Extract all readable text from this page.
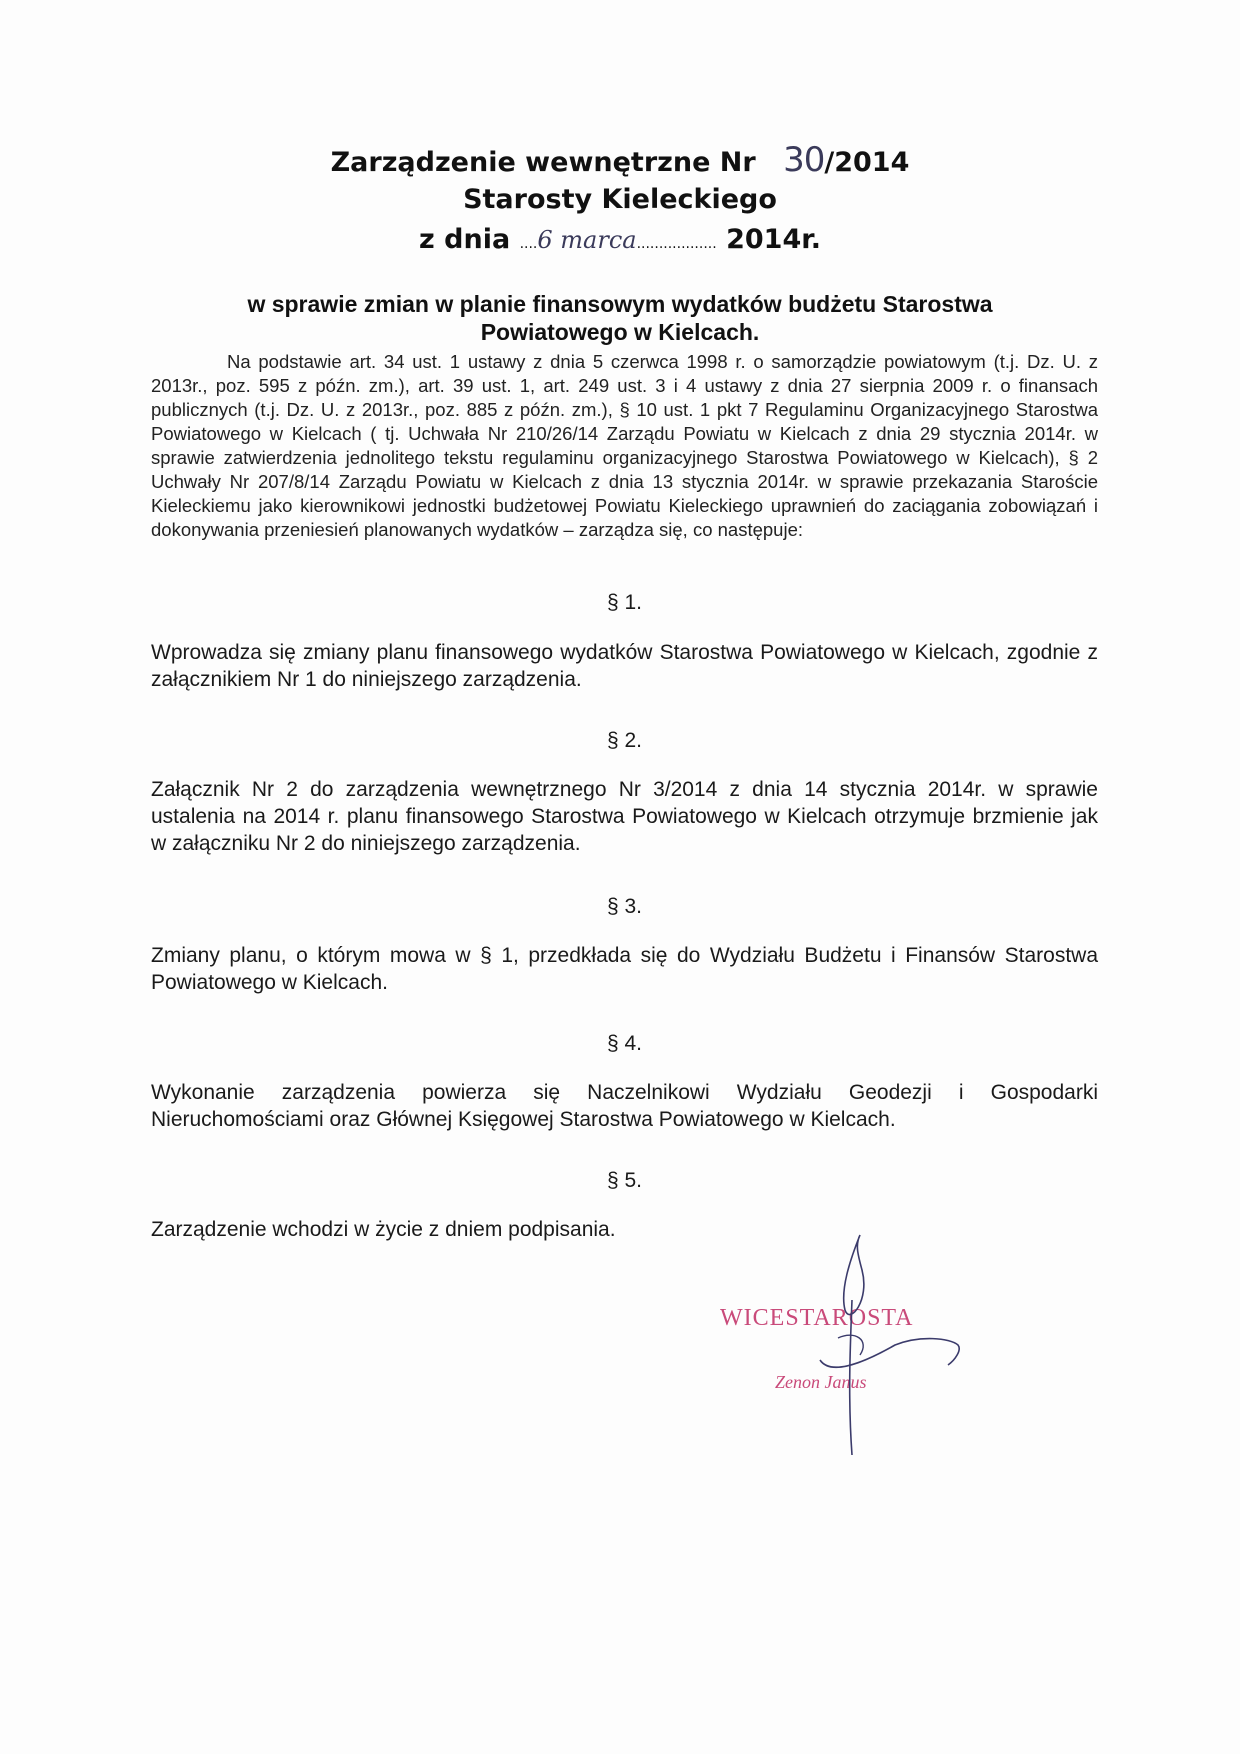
Zarządzenie wewnętrzne Nr 30/2014
Starosty Kieleckiego
z dnia ....6 marca.................. 2014r.
w sprawie zmian w planie finansowym wydatków budżetu Starostwa
Powiatowego w Kielcach.
Na podstawie art. 34 ust. 1 ustawy z dnia 5 czerwca 1998 r. o samorządzie powiatowym (t.j. Dz. U. z 2013r., poz. 595 z późn. zm.), art. 39 ust. 1, art. 249 ust. 3 i 4 ustawy z dnia 27 sierpnia 2009 r. o finansach publicznych (t.j. Dz. U. z 2013r., poz. 885 z późn. zm.), § 10 ust. 1 pkt 7 Regulaminu Organizacyjnego Starostwa Powiatowego w Kielcach ( tj. Uchwała Nr 210/26/14 Zarządu Powiatu w Kielcach z dnia 29 stycznia 2014r. w sprawie zatwierdzenia jednolitego tekstu regulaminu organizacyjnego Starostwa Powiatowego w Kielcach), § 2 Uchwały Nr 207/8/14 Zarządu Powiatu w Kielcach z dnia 13 stycznia 2014r. w sprawie przekazania Staroście Kieleckiemu jako kierownikowi jednostki budżetowej Powiatu Kieleckiego uprawnień do zaciągania zobowiązań i dokonywania przeniesień planowanych wydatków – zarządza się, co następuje:
§ 1.
Wprowadza się zmiany planu finansowego wydatków Starostwa Powiatowego w Kielcach, zgodnie z załącznikiem Nr 1 do niniejszego zarządzenia.
§ 2.
Załącznik Nr 2 do zarządzenia wewnętrznego Nr 3/2014 z dnia 14 stycznia 2014r. w sprawie ustalenia na 2014 r. planu finansowego Starostwa Powiatowego w Kielcach otrzymuje brzmienie jak w załączniku Nr 2 do niniejszego zarządzenia.
§ 3.
Zmiany planu, o którym mowa w § 1, przedkłada się do Wydziału Budżetu i Finansów Starostwa Powiatowego w Kielcach.
§ 4.
Wykonanie zarządzenia powierza się Naczelnikowi Wydziału Geodezji i Gospodarki Nieruchomościami oraz Głównej Księgowej Starostwa Powiatowego w Kielcach.
§ 5.
Zarządzenie wchodzi w życie z dniem podpisania.
WICESTAROSTA
Zenon Janus
